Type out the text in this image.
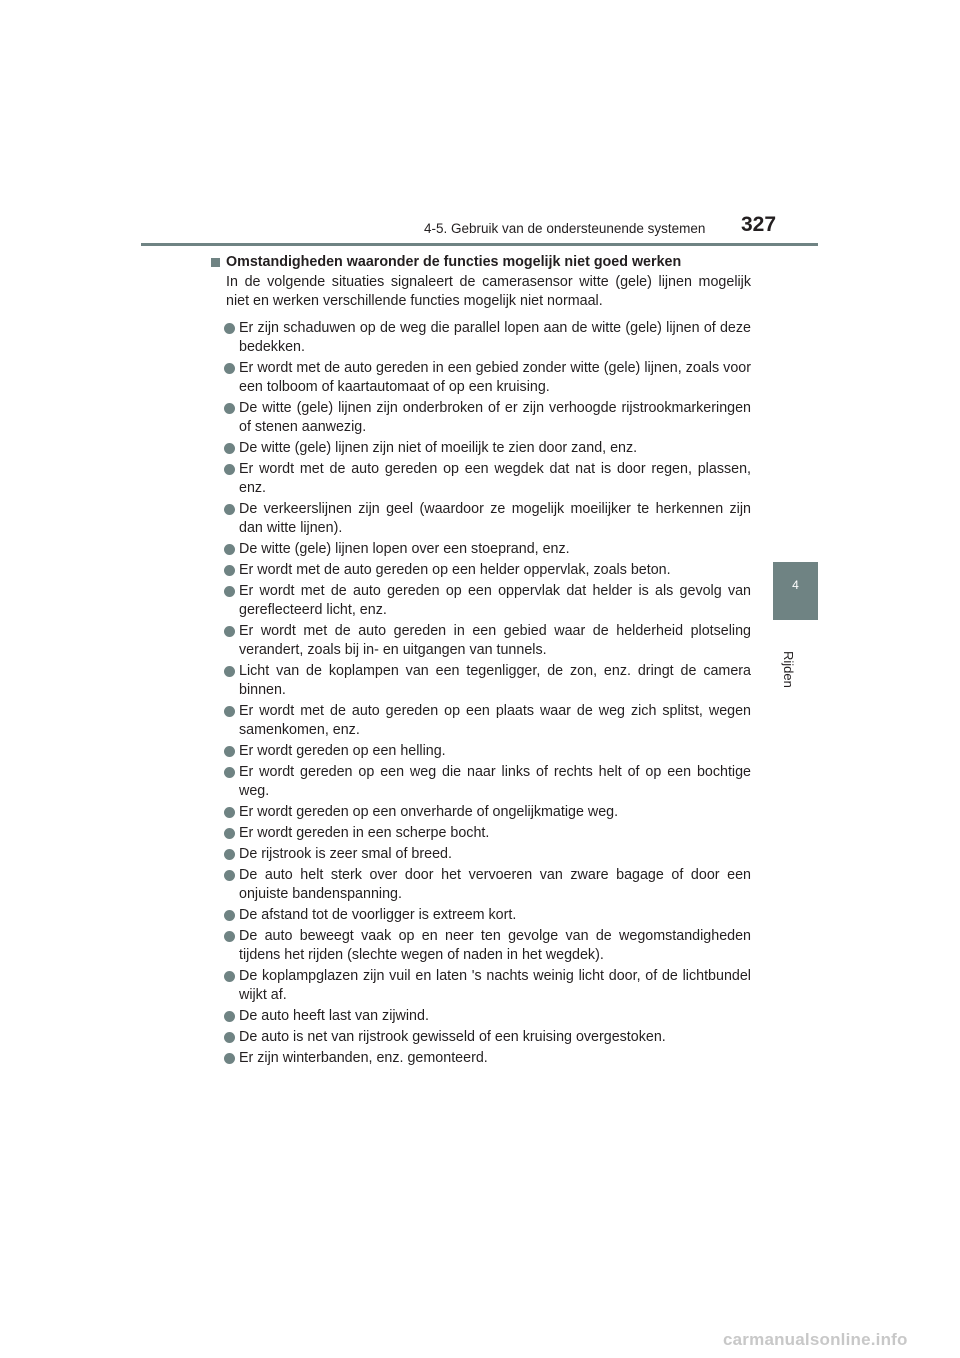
4-5. Gebruik van de ondersteunende systemen 327
4
Rijden
Omstandigheden waaronder de functies mogelijk niet goed werken
In de volgende situaties signaleert de camerasensor witte (gele) lijnen mogelijk niet en werken verschillende functies mogelijk niet normaal.
Er zijn schaduwen op de weg die parallel lopen aan de witte (gele) lijnen of deze bedekken.
Er wordt met de auto gereden in een gebied zonder witte (gele) lijnen, zoals voor een tolboom of kaartautomaat of op een kruising.
De witte (gele) lijnen zijn onderbroken of er zijn verhoogde rijstrookmarkeringen of stenen aanwezig.
De witte (gele) lijnen zijn niet of moeilijk te zien door zand, enz.
Er wordt met de auto gereden op een wegdek dat nat is door regen, plassen, enz.
De verkeerslijnen zijn geel (waardoor ze mogelijk moeilijker te herkennen zijn dan witte lijnen).
De witte (gele) lijnen lopen over een stoeprand, enz.
Er wordt met de auto gereden op een helder oppervlak, zoals beton.
Er wordt met de auto gereden op een oppervlak dat helder is als gevolg van gereflecteerd licht, enz.
Er wordt met de auto gereden in een gebied waar de helderheid plotseling verandert, zoals bij in- en uitgangen van tunnels.
Licht van de koplampen van een tegenligger, de zon, enz. dringt de camera binnen.
Er wordt met de auto gereden op een plaats waar de weg zich splitst, wegen samenkomen, enz.
Er wordt gereden op een helling.
Er wordt gereden op een weg die naar links of rechts helt of op een bochtige weg.
Er wordt gereden op een onverharde of ongelijkmatige weg.
Er wordt gereden in een scherpe bocht.
De rijstrook is zeer smal of breed.
De auto helt sterk over door het vervoeren van zware bagage of door een onjuiste bandenspanning.
De afstand tot de voorligger is extreem kort.
De auto beweegt vaak op en neer ten gevolge van de wegomstandigheden tijdens het rijden (slechte wegen of naden in het wegdek).
De koplampglazen zijn vuil en laten 's nachts weinig licht door, of de lichtbundel wijkt af.
De auto heeft last van zijwind.
De auto is net van rijstrook gewisseld of een kruising overgestoken.
Er zijn winterbanden, enz. gemonteerd.
carmanualsonline.info
